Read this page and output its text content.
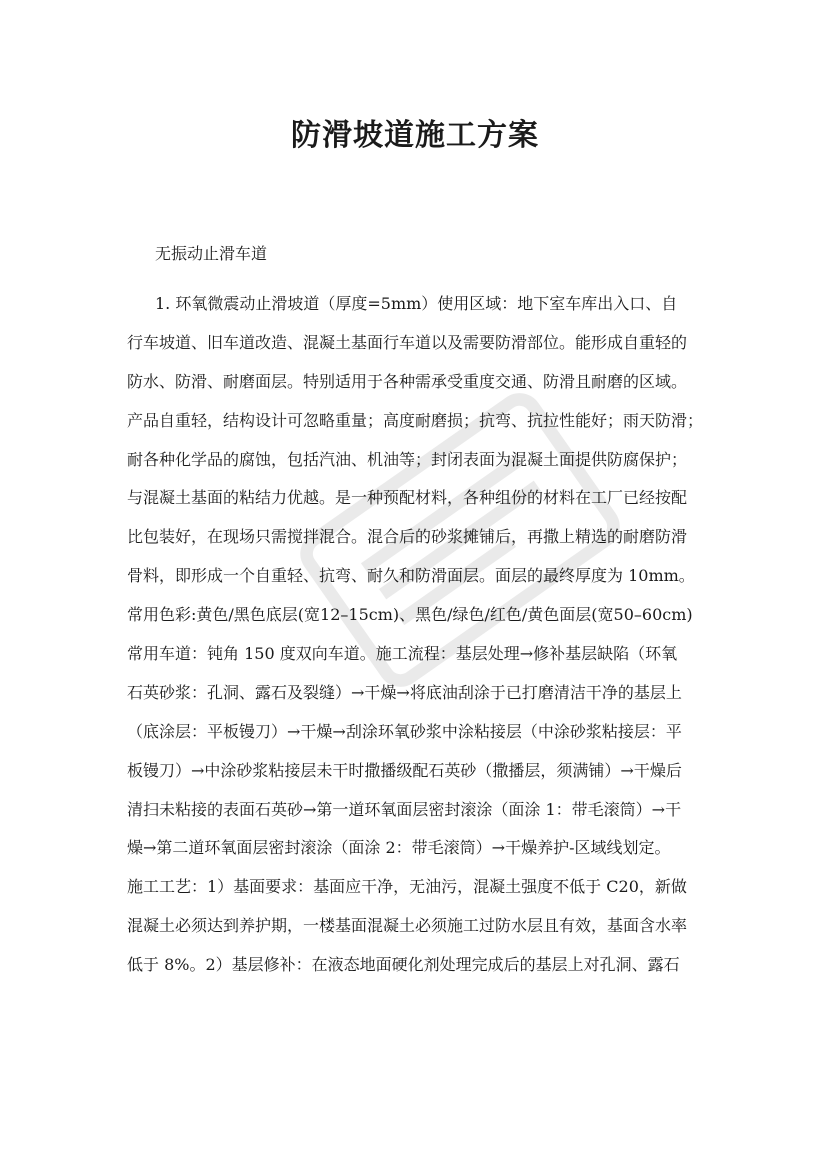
防滑坡道施工方案
无振动止滑车道
1. 环氧微震动止滑坡道（厚度=5mm）使用区域：地下室车库出入口、自
行车坡道、旧车道改造、混凝土基面行车道以及需要防滑部位。能形成自重轻的
防水、防滑、耐磨面层。特别适用于各种需承受重度交通、防滑且耐磨的区域。
产品自重轻，结构设计可忽略重量；高度耐磨损；抗弯、抗拉性能好；雨天防滑；
耐各种化学品的腐蚀，包括汽油、机油等；封闭表面为混凝土面提供防腐保护；
与混凝土基面的粘结力优越。是一种预配材料，各种组份的材料在工厂已经按配
比包装好，在现场只需搅拌混合。混合后的砂浆摊铺后，再撒上精选的耐磨防滑
骨料，即形成一个自重轻、抗弯、耐久和防滑面层。面层的最终厚度为 10mm。
常用色彩:黄色/黑色底层(宽12–15cm)、黑色/绿色/红色/黄色面层(宽50–60cm)
常用车道：钝角 150 度双向车道。施工流程：基层处理→修补基层缺陷（环氧
石英砂浆：孔洞、露石及裂缝）→干燥→将底油刮涂于已打磨清洁干净的基层上
（底涂层：平板镘刀）→干燥→刮涂环氧砂浆中涂粘接层（中涂砂浆粘接层：平
板镘刀）→中涂砂浆粘接层未干时撒播级配石英砂（撒播层，须满铺）→干燥后
清扫未粘接的表面石英砂→第一道环氧面层密封滚涂（面涂 1：带毛滚筒）→干
燥→第二道环氧面层密封滚涂（面涂 2：带毛滚筒）→干燥养护-区域线划定。
施工工艺：1）基面要求：基面应干净，无油污，混凝土强度不低于 C20，新做
混凝土必须达到养护期，一楼基面混凝土必须施工过防水层且有效，基面含水率
低于 8%。2）基层修补：在液态地面硬化剂处理完成后的基层上对孔洞、露石
